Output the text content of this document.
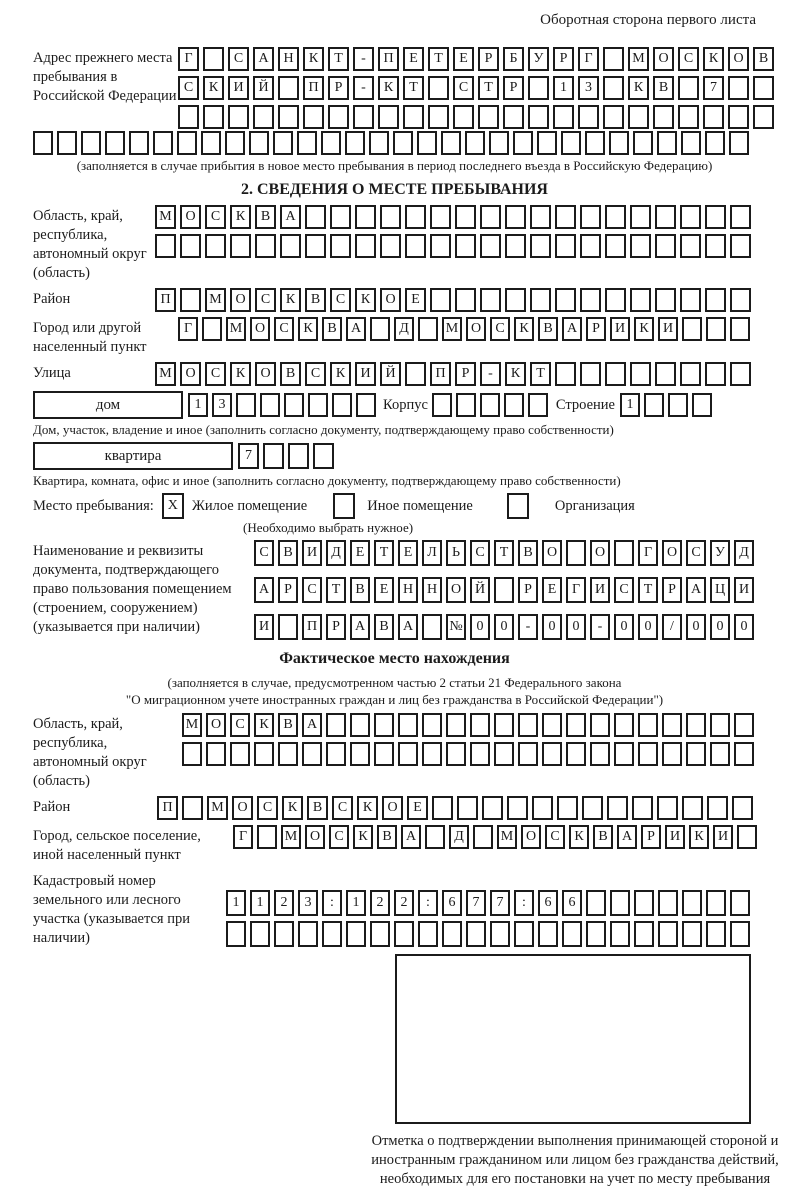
Оборотная сторона первого листа
Адрес прежнего места пребывания в Российской Федерации
Г	С	А	Н	К	Т	-	П	Е	Т	Е	Р	Б	У	Р	Г	М О	С	К	О	В
С	К	И	Й	П	Р	-	К	Т	С	Т	Р	1	3	К	В	7
(заполняется в случае прибытия в новое место пребывания в период последнего въезда в Российскую Федерацию)
2. СВЕДЕНИЯ О МЕСТЕ ПРЕБЫВАНИЯ
Область, край, республика, автономный округ (область)
М О	С	К	В	А
Район	П	М О	С	К	В	С	К	О	Е
Город или другой населенный пункт
Г	М О	С	К	В	А	Д	М О	С	К	В	А	Р	И	К	И
Улица	М О	С	К	О	В	С	К	И	Й	П	Р	-	К	Т
дом	1	3	Корпус	Строение 1
Дом, участок, владение и иное (заполнить согласно документу, подтверждающему право собственности)
квартира	7
Квартира, комната, офис и иное (заполнить согласно документу, подтверждающему право собственности)
Место пребывания: X Жилое помещение	Иное помещение	Организация
(Необходимо выбрать нужное)
Наименование и реквизиты документа, подтверждающего право пользования помещением (строением, сооружением) (указывается при наличии)
С	В	И	Д	Е	Т	Е	Л	Ь	С	Т	В	О	О	Г	О	С	У	Д
А	Р	С	Т	В	Е	Н Н О Й	Р	Е	Г	И	С	Т	Р	А Ц И
И	П	Р	А	В	А	№ 0	0	-	0	0	-	0	0	/	0	0	0
Фактическое место нахождения
(заполняется в случае, предусмотренном частью 2 статьи 21 Федерального закона
"О миграционном учете иностранных граждан и лиц без гражданства в Российской Федерации")
Область, край, республика, автономный округ (область)
М О	С	К	В	А
Район	П	М О	С	К	В	С	К	О	Е
Город, сельское поселение, иной населенный пункт
Г	М О	С	К	В	А	Д	М О	С	К	В	А	Р	И	К	И
Кадастровый номер земельного или лесного участка (указывается при наличии)
1	1	2	3	:	1	2	2	:	6	7	7	:	6	6
Отметка о подтверждении выполнения принимающей стороной и иностранным гражданином или лицом без гражданства действий, необходимых для его постановки на учет по месту пребывания
